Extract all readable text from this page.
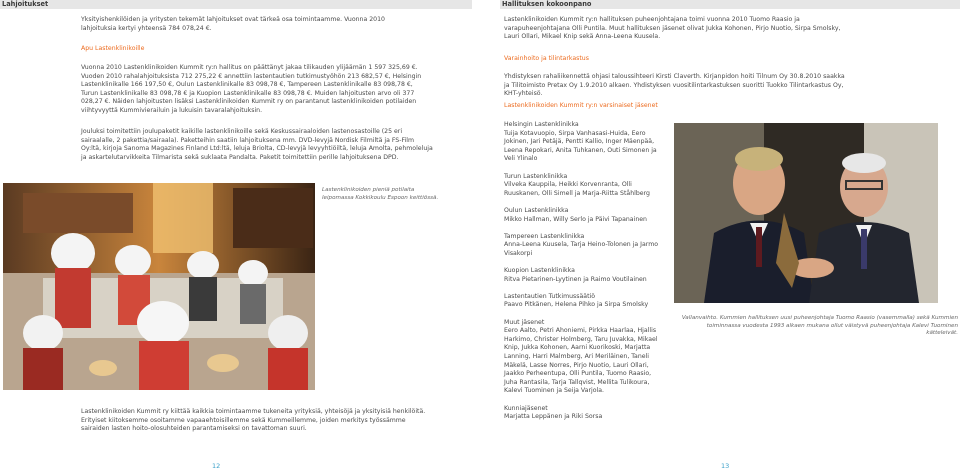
Lahjoitukset

Yksityishenkilöiden ja yritysten tekemät lahjoitukset ovat tärkeä osa toimintaamme. Vuonna 2010 lahjoituksia kertyi yhteensä 784 078,24 €.

Apu Lastenklinikoille

Vuonna 2010 Lastenklinikoiden Kummit ry:n hallitus on päättänyt jakaa tilikauden ylijäämän 1 597 325,69 €. Vuoden 2010 rahalahjoituksista 712 275,22 € annettiin lastentautien tutkimustyöhön 213 682,57 €, Helsingin Lastenklinikalle 166 197,50 €, Oulun Lastenklinikalle 83 098,78 €, Tampereen Lastenklinikalle 83 098,78 €, Turun Lastenklinikalle 83 098,78 € ja Kuopion Lastenklinikalle 83 098,78 €. Muiden lahjoitusten arvo oli 377 028,27 €. Näiden lahjoitusten lisäksi Lastenklinikoiden Kummit ry on parantanut lastenklinikoiden potilaiden viihtyvyyttä Kummivierailuin ja lukuisin tavaralahjoituksin.

Jouluksi toimitettiin joulupaketit kaikille lastenklinikoille sekä Keskussairaaloiden lastenosastoille (25 eri sairaalalle, 2 pakettia/sairaala). Paketteihin saatiin lahjoituksena mm. DVD-levyjä Nordisk Filmiltä ja FS-Film Oy:ltä, kirjoja Sanoma Magazines Finland Ltd:ltä, leluja Briolta, CD-levyjä levyyhtiöiltä, leluja Amolta, pehmoleluja ja askartelutarvikkeita Tilmarista sekä suklaata Pandalta. Paketit toimitettiin perille lahjoituksena DPD.

Lastenklinikoiden pieniä potilaita leipomassa Kokkikoulu Espoon keittiössä.

Lastenklinikoiden Kummit ry kiittää kaikkia toimintaamme tukeneita yrityksiä, yhteisöjä ja yksityisiä henkilöitä. Erityiset kiitoksemme osoitamme vapaaehtoisillemme sekä Kummeillemme, joiden merkitys työssämme sairaiden lasten hoito-olosuhteiden parantamiseksi on tavattoman suuri.

12
Hallituksen kokoonpano

Lastenklinikoiden Kummit ry:n hallituksen puheenjohtajana toimi vuonna 2010 Tuomo Raasio ja varapuheenjohtajana Olli Puntila. Muut hallituksen jäsenet olivat Jukka Kohonen, Pirjo Nuotio, Sirpa Smolsky, Lauri Ollari, Mikael Knip sekä Anna-Leena Kuusela.

Varainhoito ja tilintarkastus

Yhdistyksen rahaliikennettä ohjasi taloussihteeri Kirsti Claverth. Kirjanpidon hoiti Tilnum Oy 30.8.2010 saakka ja Tilitoimisto Pretax Oy 1.9.2010 alkaen. Yhdistyksen vuositilintarkastuksen suoritti Tuokko Tilintarkastus Oy, KHT-yhteisö.

Lastenklinikoiden Kummit ry:n varsinaiset jäsenet

Helsingin Lastenklinikka

Tuija Kotavuopio, Sirpa Vanhasasi-Huida, Eero Jokinen, Jari Petäjä, Pentti Kallio, Inger Mäenpää, Leena Repokari, Anita Tuhkanen, Outi Simonen ja Veli Ylinalo

Turun Lastenklinikka

Vilveka Kauppila, Heikki Korvenranta, Olli Ruuskanen, Olli Simell ja Marja-Riitta Ståhlberg

Oulun Lastenklinikka

Mikko Hallman, Willy Serlo ja Päivi Tapanainen

Tampereen Lastenklinikka

Anna-Leena Kuusela, Tarja Heino-Tolonen ja Jarmo Visakorpi

Kuopion Lastenklinikka

Ritva Pietarinen-Lyytinen ja Raimo Voutilainen

Lastentautien Tutkimussäätiö

Paavo Pitkänen, Helena Pihko ja Sirpa Smolsky

Muut jäsenet

Eero Aalto, Petri Ahoniemi, Pirkka Haarlaa, Hjallis Harkimo, Christer Holmberg, Taru Juvakka, Mikael Knip, Jukka Kohonen, Aarni Kuorikoski, Marjatta Lanning, Harri Malmberg, Ari Meriläinen, Taneli Mäkelä, Lasse Norres, Pirjo Nuotio, Lauri Ollari, Jaakko Perheentupa, Olli Puntila, Tuomo Raasio, Juha Rantasila, Tarja Tallqvist, Mellita Tulikoura, Kalevi Tuominen ja Seija Varjola.

Kunniajäsenet

Marjatta Leppänen ja Riki Sorsa

Vallanvaihto. Kummien hallituksen uusi puheenjohtaja Tuomo Raasio (vasemmalla) sekä Kummien toiminnassa vuodesta 1993 alkaen mukana ollut väistyvä puheenjohtaja Kalevi Tuominen kätteleivät.

13
